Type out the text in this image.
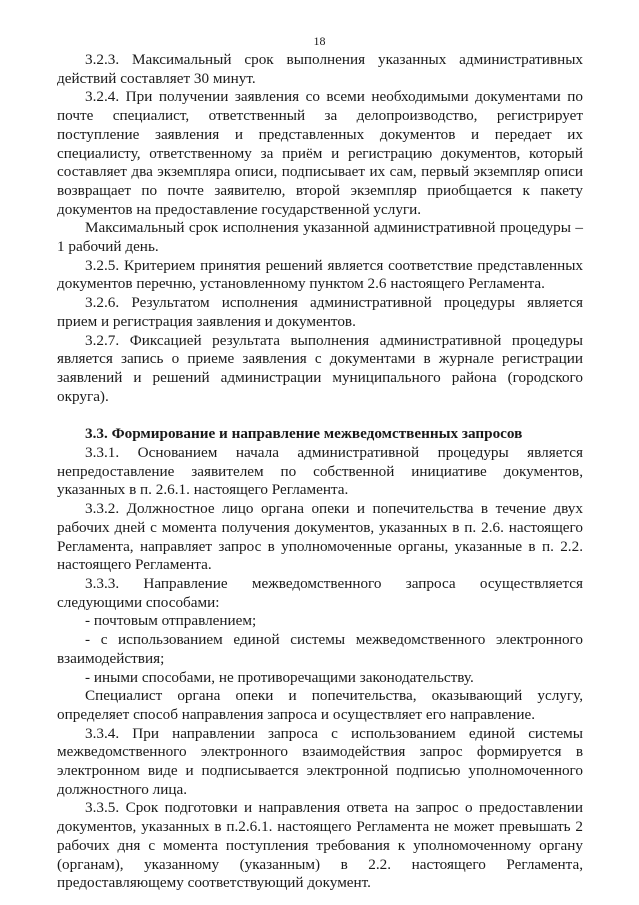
18

3.2.3. Максимальный срок выполнения указанных административных действий составляет 30 минут.

3.2.4. При получении заявления со всеми необходимыми документами по почте специалист, ответственный за делопроизводство, регистрирует поступление заявления и представленных документов и передает их специалисту, ответственному за приём и регистрацию документов, который составляет два экземпляра описи, подписывает их сам, первый экземпляр описи возвращает по почте заявителю, второй экземпляр приобщается к пакету документов на предоставление государственной услуги.

Максимальный срок исполнения указанной административной процедуры – 1 рабочий день.

3.2.5. Критерием принятия решений является соответствие представленных документов перечню, установленному пунктом 2.6 настоящего Регламента.

3.2.6. Результатом исполнения административной процедуры является прием и регистрация заявления и документов.

3.2.7. Фиксацией результата выполнения административной процедуры является запись о приеме заявления с документами в журнале регистрации заявлений и решений администрации муниципального района (городского округа).

3.3. Формирование и направление межведомственных запросов

3.3.1. Основанием начала административной процедуры является непредоставление заявителем по собственной инициативе документов, указанных в п. 2.6.1. настоящего Регламента.

3.3.2. Должностное лицо органа опеки и попечительства в течение двух рабочих дней с момента получения документов, указанных в п. 2.6. настоящего Регламента, направляет запрос в уполномоченные органы, указанные в п. 2.2. настоящего Регламента.

3.3.3. Направление межведомственного запроса осуществляется следующими способами:

- почтовым отправлением;

- с использованием единой системы межведомственного электронного взаимодействия;

- иными способами, не противоречащими законодательству.

Специалист органа опеки и попечительства, оказывающий услугу, определяет способ направления запроса и осуществляет его направление.

3.3.4. При направлении запроса с использованием единой системы межведомственного электронного взаимодействия запрос формируется в электронном виде и подписывается электронной подписью уполномоченного должностного лица.

3.3.5. Срок подготовки и направления ответа на запрос о предоставлении документов, указанных в п.2.6.1. настоящего Регламента не может превышать 2 рабочих дня с момента поступления требования к уполномоченному органу (органам), указанному (указанным) в 2.2. настоящего Регламента, предоставляющему соответствующий документ.
